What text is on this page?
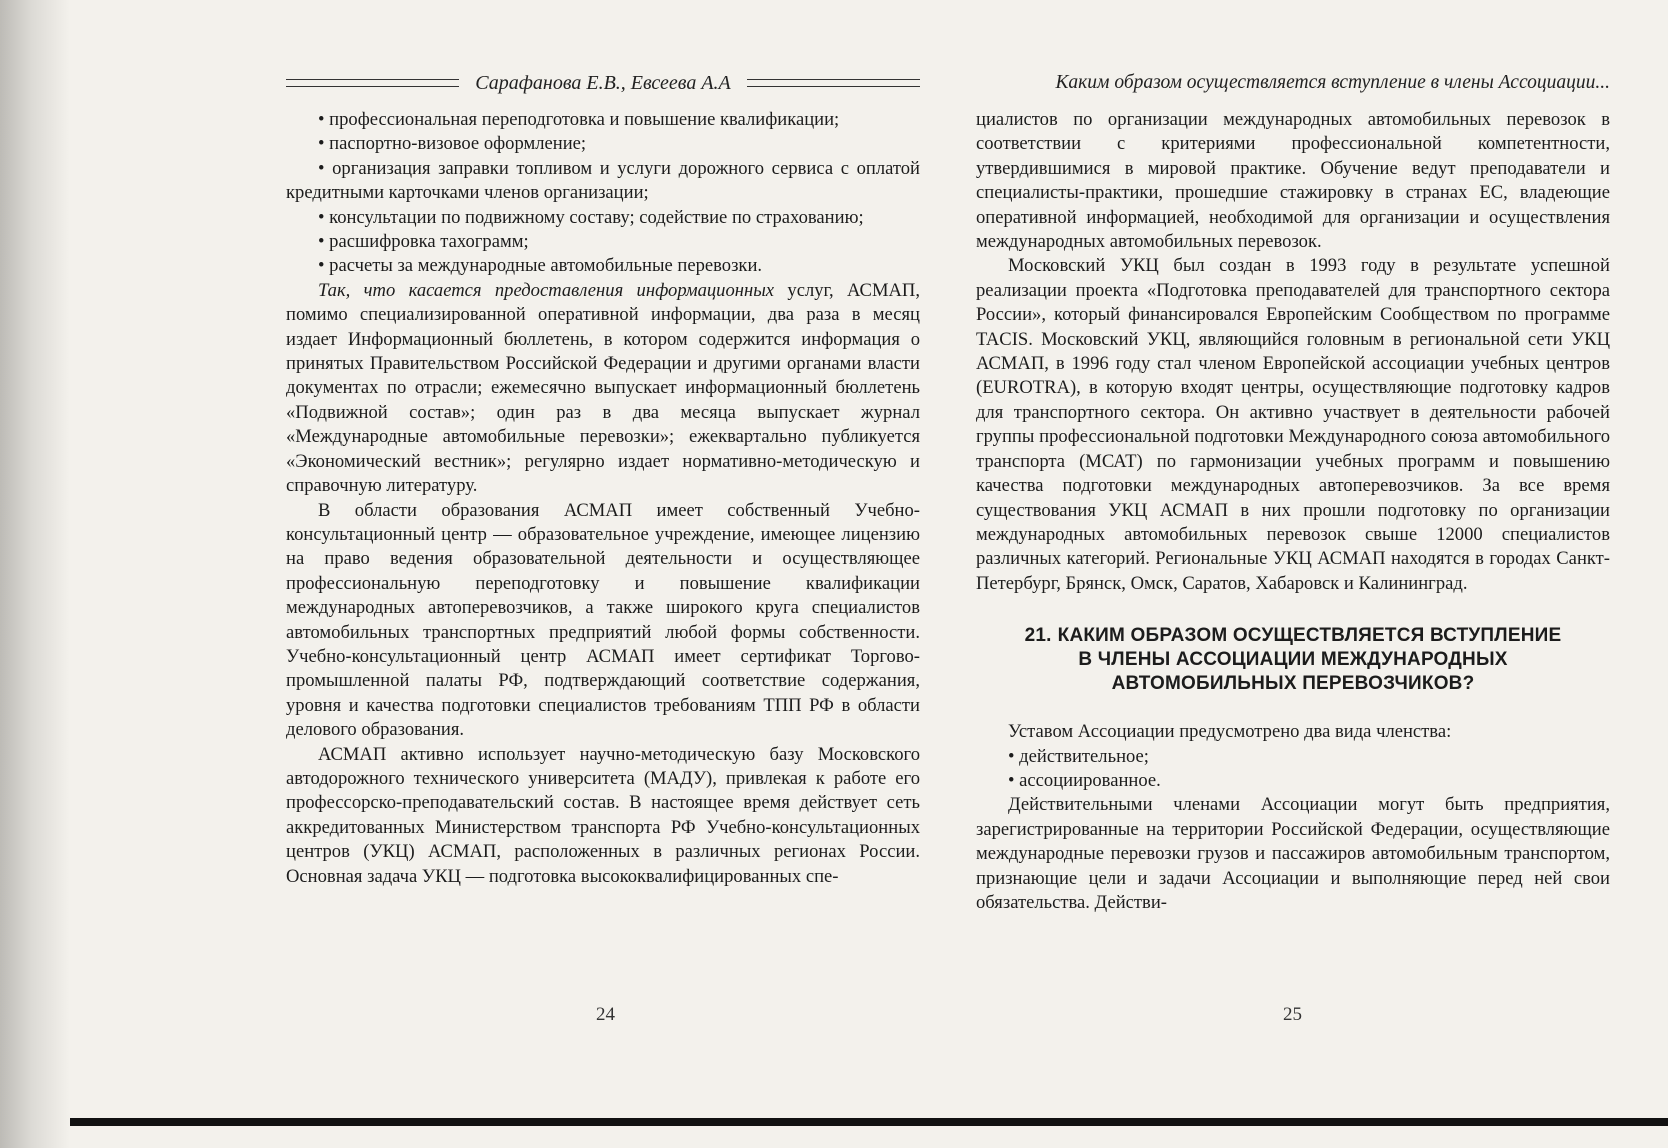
Сарафанова Е.В., Евсеева А.А

• профессиональная переподготовка и повышение квалификации;

• паспортно-визовое оформление;

• организация заправки топливом и услуги дорожного сервиса с оплатой кредитными карточками членов организации;

• консультации по подвижному составу; содействие по страхованию;

• расшифровка тахограмм;

• расчеты за международные автомобильные перевозки.

Так, что касается предоставления информационных услуг, АСМАП, помимо специализированной оперативной информации, два раза в месяц издает Информационный бюллетень, в котором содержится информация о принятых Правительством Российской Федерации и другими органами власти документах по отрасли; ежемесячно выпускает информационный бюллетень «Подвижной состав»; один раз в два месяца выпускает журнал «Международные автомобильные перевозки»; ежеквартально публикуется «Экономический вестник»; регулярно издает нормативно-методическую и справочную литературу.

В области образования АСМАП имеет собственный Учебно-консультационный центр — образовательное учреждение, имеющее лицензию на право ведения образовательной деятельности и осуществляющее профессиональную переподготовку и повышение квалификации международных автоперевозчиков, а также широкого круга специалистов автомобильных транспортных предприятий любой формы собственности. Учебно-консультационный центр АСМАП имеет сертификат Торгово-промышленной палаты РФ, подтверждающий соответствие содержания, уровня и качества подготовки специалистов требованиям ТПП РФ в области делового образования.

АСМАП активно использует научно-методическую базу Московского автодорожного технического университета (МАДУ), привлекая к работе его профессорско-преподавательский состав. В настоящее время действует сеть аккредитованных Министерством транспорта РФ Учебно-консультационных центров (УКЦ) АСМАП, расположенных в различных регионах России. Основная задача УКЦ — подготовка высококвалифицированных спе-

24
Каким образом осуществляется вступление в члены Ассоциации...

циалистов по организации международных автомобильных перевозок в соответствии с критериями профессиональной компетентности, утвердившимися в мировой практике. Обучение ведут преподаватели и специалисты-практики, прошедшие стажировку в странах ЕС, владеющие оперативной информацией, необходимой для организации и осуществления международных автомобильных перевозок.

Московский УКЦ был создан в 1993 году в результате успешной реализации проекта «Подготовка преподавателей для транспортного сектора России», который финансировался Европейским Сообществом по программе TACIS. Московский УКЦ, являющийся головным в региональной сети УКЦ АСМАП, в 1996 году стал членом Европейской ассоциации учебных центров (EUROTRA), в которую входят центры, осуществляющие подготовку кадров для транспортного сектора. Он активно участвует в деятельности рабочей группы профессиональной подготовки Международного союза автомобильного транспорта (МСАТ) по гармонизации учебных программ и повышению качества подготовки международных автоперевозчиков. За все время существования УКЦ АСМАП в них прошли подготовку по организации международных автомобильных перевозок свыше 12000 специалистов различных категорий. Региональные УКЦ АСМАП находятся в городах Санкт-Петербург, Брянск, Омск, Саратов, Хабаровск и Калининград.

21. КАКИМ ОБРАЗОМ ОСУЩЕСТВЛЯЕТСЯ ВСТУПЛЕНИЕ
В ЧЛЕНЫ АССОЦИАЦИИ МЕЖДУНАРОДНЫХ
АВТОМОБИЛЬНЫХ ПЕРЕВОЗЧИКОВ?

Уставом Ассоциации предусмотрено два вида членства:

• действительное;

• ассоциированное.

Действительными членами Ассоциации могут быть предприятия, зарегистрированные на территории Российской Федерации, осуществляющие международные перевозки грузов и пассажиров автомобильным транспортом, признающие цели и задачи Ассоциации и выполняющие перед ней свои обязательства. Действи-

25
